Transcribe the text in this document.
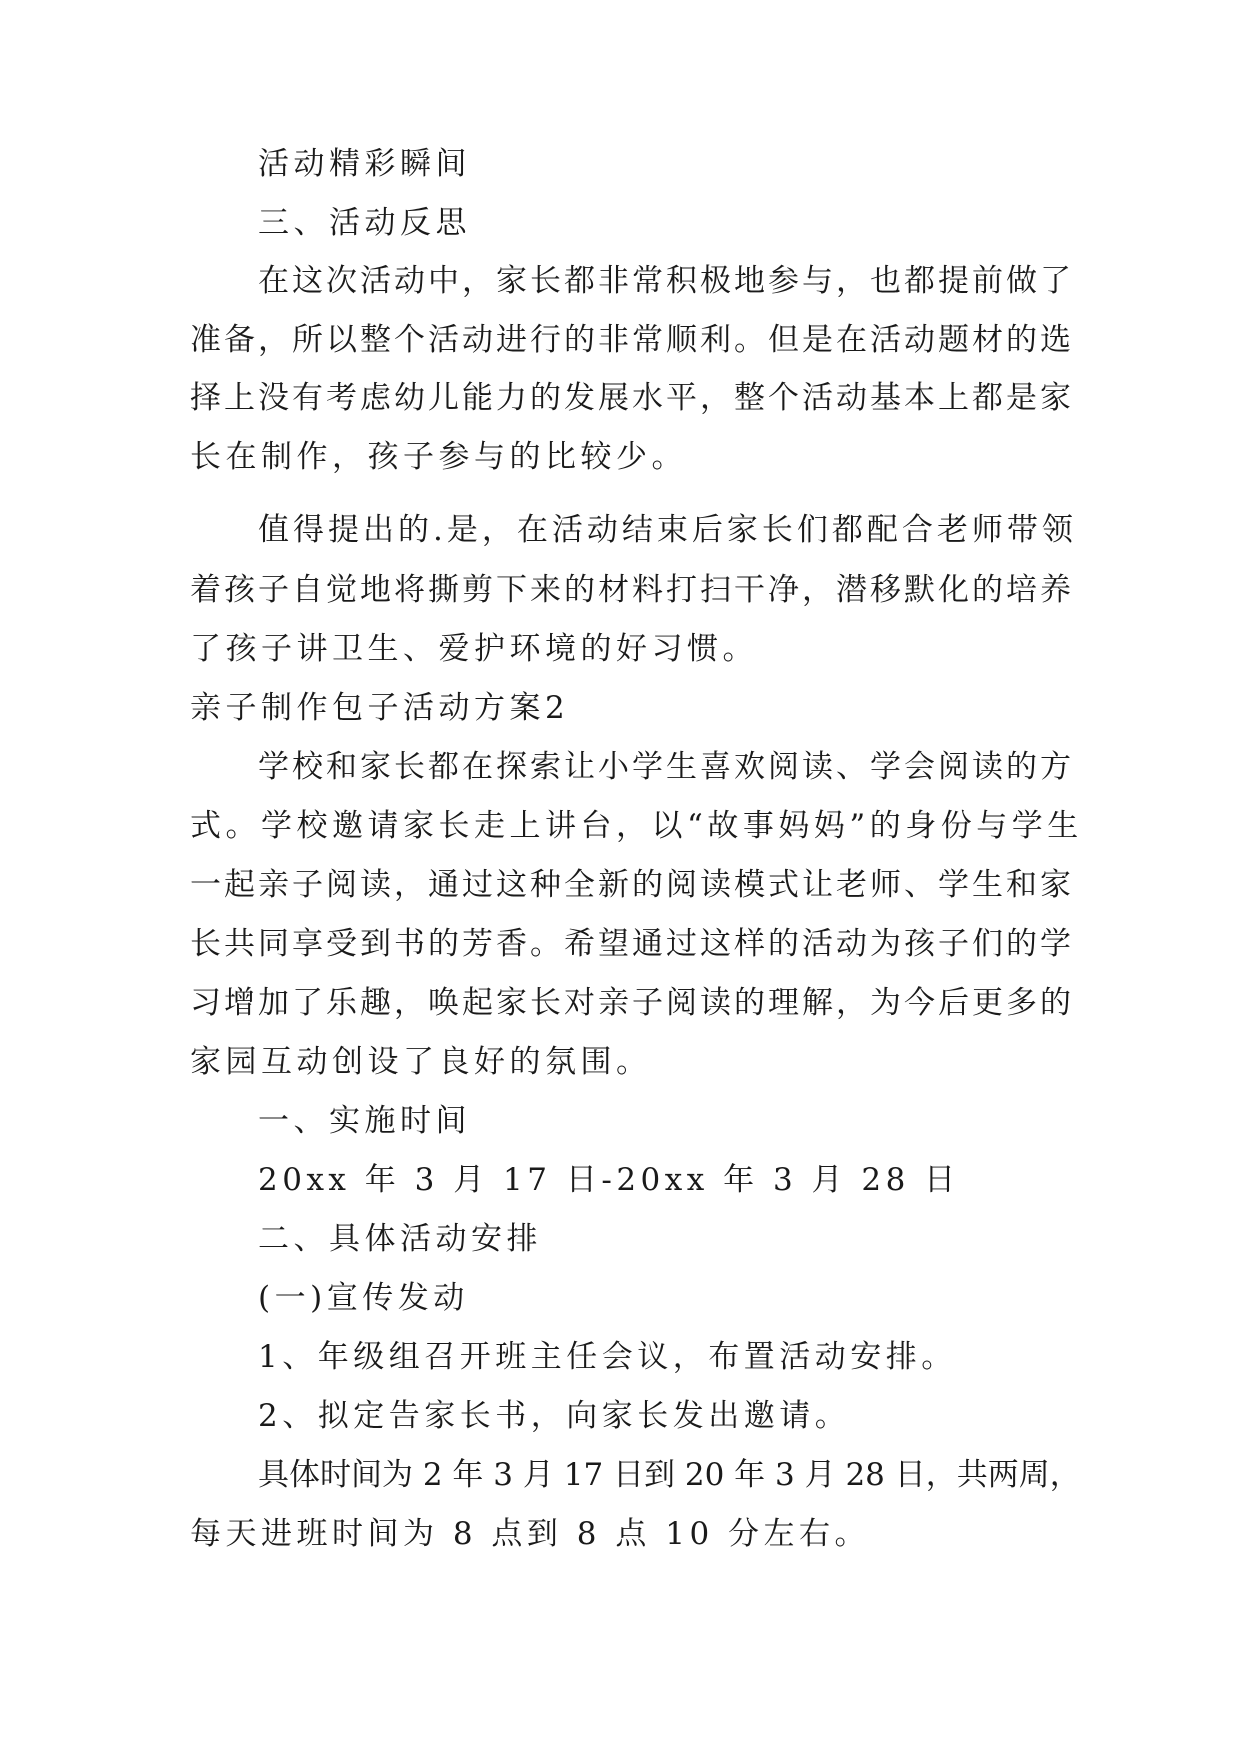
活动精彩瞬间

三、活动反思

在这次活动中，家长都非常积极地参与，也都提前做了

准备，所以整个活动进行的非常顺利。但是在活动题材的选

择上没有考虑幼儿能力的发展水平，整个活动基本上都是家

长在制作，孩子参与的比较少。

值得提出的.是，在活动结束后家长们都配合老师带领

着孩子自觉地将撕剪下来的材料打扫干净，潜移默化的培养

了孩子讲卫生、爱护环境的好习惯。

亲子制作包子活动方案2

学校和家长都在探索让小学生喜欢阅读、学会阅读的方

式。学校邀请家长走上讲台，以“故事妈妈”的身份与学生

一起亲子阅读，通过这种全新的阅读模式让老师、学生和家

长共同享受到书的芳香。希望通过这样的活动为孩子们的学

习增加了乐趣，唤起家长对亲子阅读的理解，为今后更多的

家园互动创设了良好的氛围。

一、实施时间

20xx 年 3 月 17 日-20xx 年 3 月 28 日

二、具体活动安排

(一)宣传发动

1、年级组召开班主任会议，布置活动安排。

2、拟定告家长书，向家长发出邀请。

具体时间为 2 年 3 月 17 日到 20 年 3 月 28 日，共两周，

每天进班时间为 8 点到 8 点 10 分左右。
